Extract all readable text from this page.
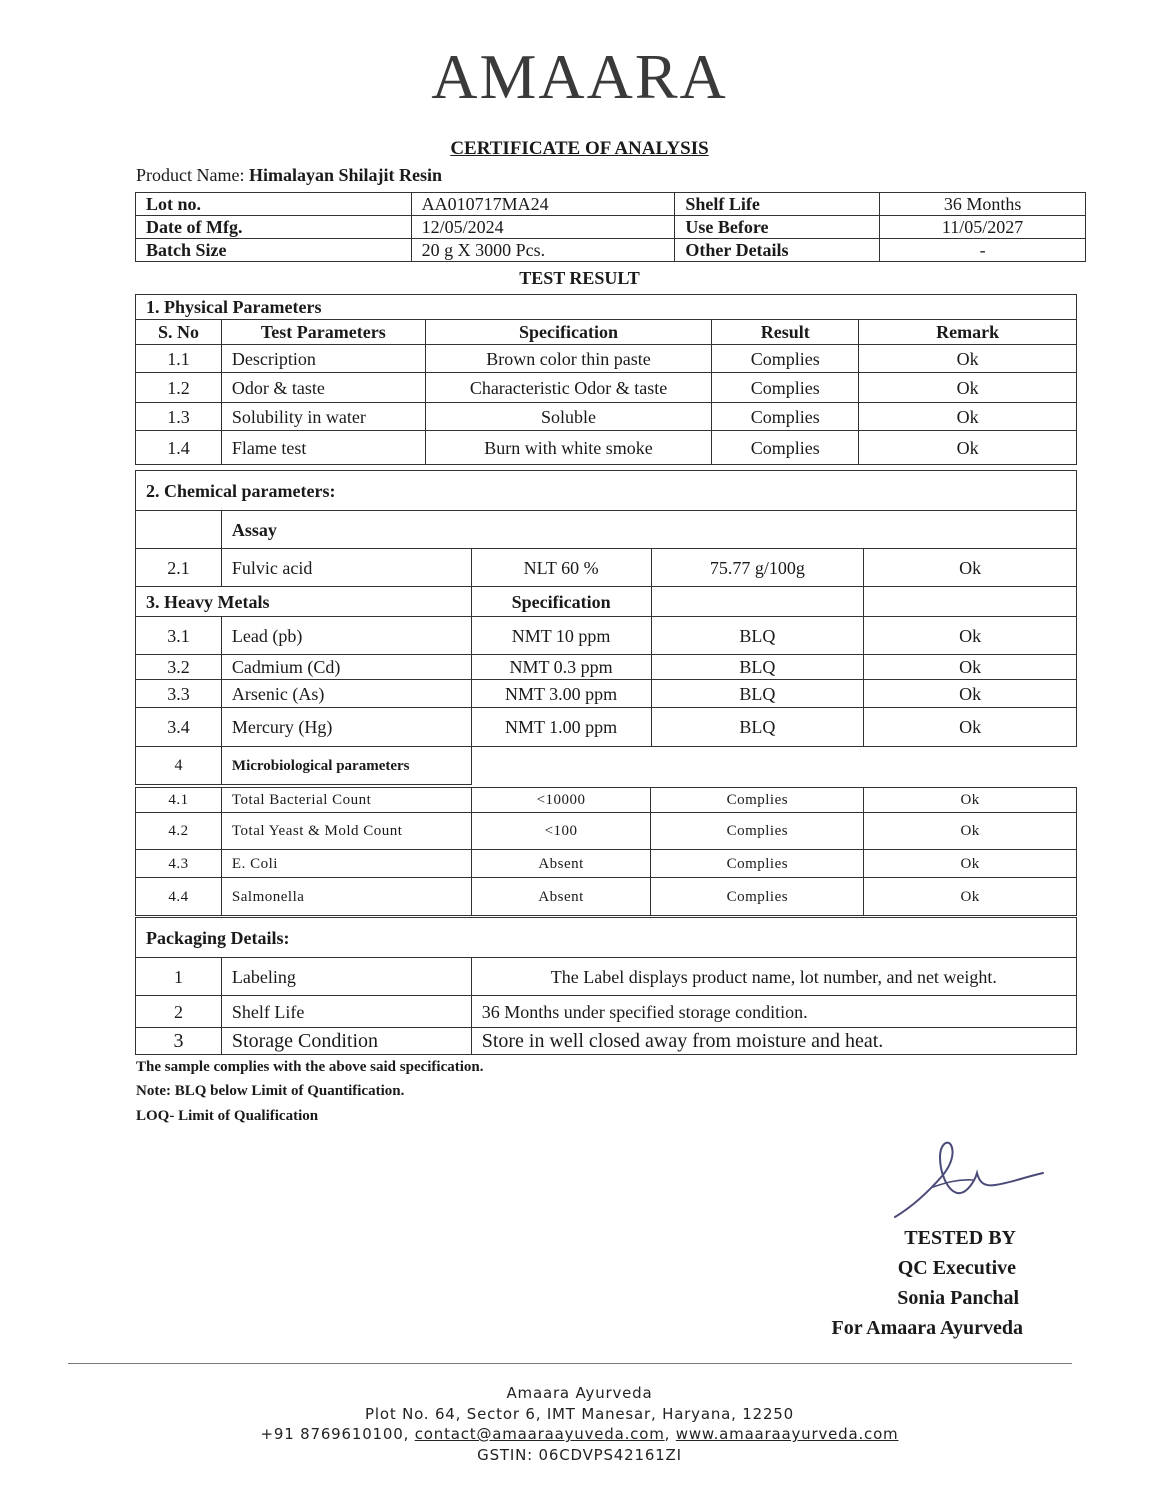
AMAARA
CERTIFICATE OF ANALYSIS
Product Name: Himalayan Shilajit Resin
Lot no.	AA010717MA24	Shelf Life	36 Months
Date of Mfg.	12/05/2024	Use Before	11/05/2027
Batch Size	20 g X 3000 Pcs.	Other Details	-
TEST RESULT
1. Physical Parameters				
S. No	Test Parameters	Specification	Result	Remark
1.1	Description	Brown color thin paste	Complies	Ok
1.2	Odor & taste	Characteristic Odor & taste	Complies	Ok
1.3	Solubility in water	Soluble	Complies	Ok
1.4	Flame test	Burn with white smoke	Complies	Ok
2. Chemical parameters:				
	Assay			
2.1	Fulvic acid	NLT 60 %	75.77 g/100g	Ok
3. Heavy Metals		Specification		
3.1	Lead (pb)	NMT 10 ppm	BLQ	Ok
3.2	Cadmium (Cd)	NMT 0.3 ppm	BLQ	Ok
3.3	Arsenic (As)	NMT 3.00 ppm	BLQ	Ok
3.4	Mercury (Hg)	NMT 1.00 ppm	BLQ	Ok
4	Microbiological parameters			
4.1	Total Bacterial Count	<10000	Complies	Ok
4.2	Total Yeast & Mold Count	<100	Complies	Ok
4.3	E. Coli	Absent	Complies	Ok
4.4	Salmonella	Absent	Complies	Ok
Packaging Details:		
1	Labeling	The Label displays product name, lot number, and net weight.
2	Shelf Life	36 Months under specified storage condition.
3	Storage Condition	Store in well closed away from moisture and heat.
The sample complies with the above said specification.
Note: BLQ below Limit of Quantification.
LOQ- Limit of Qualification
TESTED BY
QC Executive
Sonia Panchal
For Amaara Ayurveda
Amaara Ayurveda
Plot No. 64, Sector 6, IMT Manesar, Haryana, 12250
+91 8769610100, contact@amaaraayuveda.com, www.amaaraayurveda.com
GSTIN: 06CDVPS42161ZI
